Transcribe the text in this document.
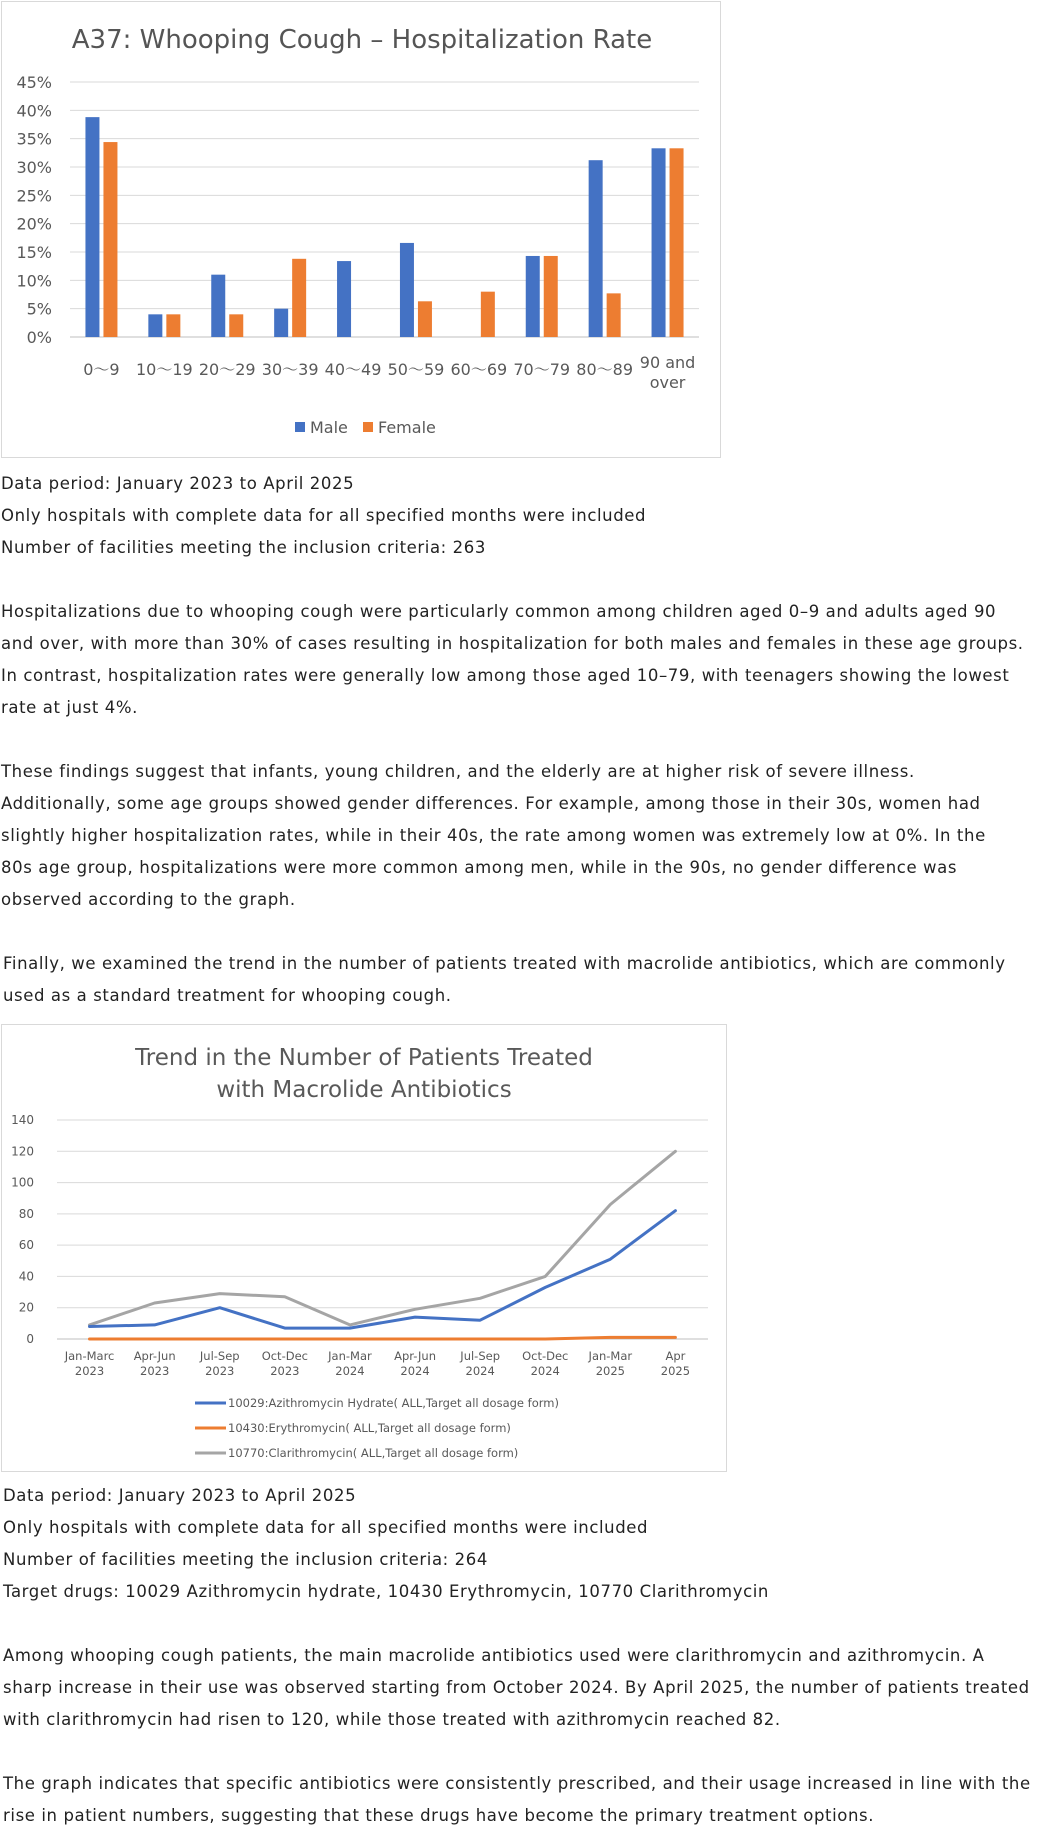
A37: Whooping Cough – Hospitalization Rate
0%
5%
10%
15%
20%
25%
30%
35%
40%
45%
0～9 10～19 20～29 30～39 40～49 50～59 60～69 70～79 80～89 90 and over
Male Female
Data period: January 2023 to April 2025
Only hospitals with complete data for all specified months were included
Number of facilities meeting the inclusion criteria: 263

Hospitalizations due to whooping cough were particularly common among children aged 0–9 and adults aged 90 and over, with more than 30% of cases resulting in hospitalization for both males and females in these age groups. In contrast, hospitalization rates were generally low among those aged 10–79, with teenagers showing the lowest rate at just 4%.

These findings suggest that infants, young children, and the elderly are at higher risk of severe illness. Additionally, some age groups showed gender differences. For example, among those in their 30s, women had slightly higher hospitalization rates, while in their 40s, the rate among women was extremely low at 0%. In the 80s age group, hospitalizations were more common among men, while in the 90s, no gender difference was observed according to the graph.

Finally, we examined the trend in the number of patients treated with macrolide antibiotics, which are commonly used as a standard treatment for whooping cough.

Trend in the Number of Patients Treated with Macrolide Antibiotics
0
20
40
60
80
100
120
140
Jan-Marc 2023
Apr-Jun 2023
Jul-Sep 2023
Oct-Dec 2023
Jan-Mar 2024
Apr-Jun 2024
Jul-Sep 2024
Oct-Dec 2024
Jan-Mar 2025
Apr 2025
10029:Azithromycin Hydrate( ALL,Target all dosage form)
10430:Erythromycin( ALL,Target all dosage form)
10770:Clarithromycin( ALL,Target all dosage form)
Data period: January 2023 to April 2025
Only hospitals with complete data for all specified months were included
Number of facilities meeting the inclusion criteria: 264
Target drugs: 10029 Azithromycin hydrate, 10430 Erythromycin, 10770 Clarithromycin

Among whooping cough patients, the main macrolide antibiotics used were clarithromycin and azithromycin. A sharp increase in their use was observed starting from October 2024. By April 2025, the number of patients treated with clarithromycin had risen to 120, while those treated with azithromycin reached 82.

The graph indicates that specific antibiotics were consistently prescribed, and their usage increased in line with the rise in patient numbers, suggesting that these drugs have become the primary treatment options.
